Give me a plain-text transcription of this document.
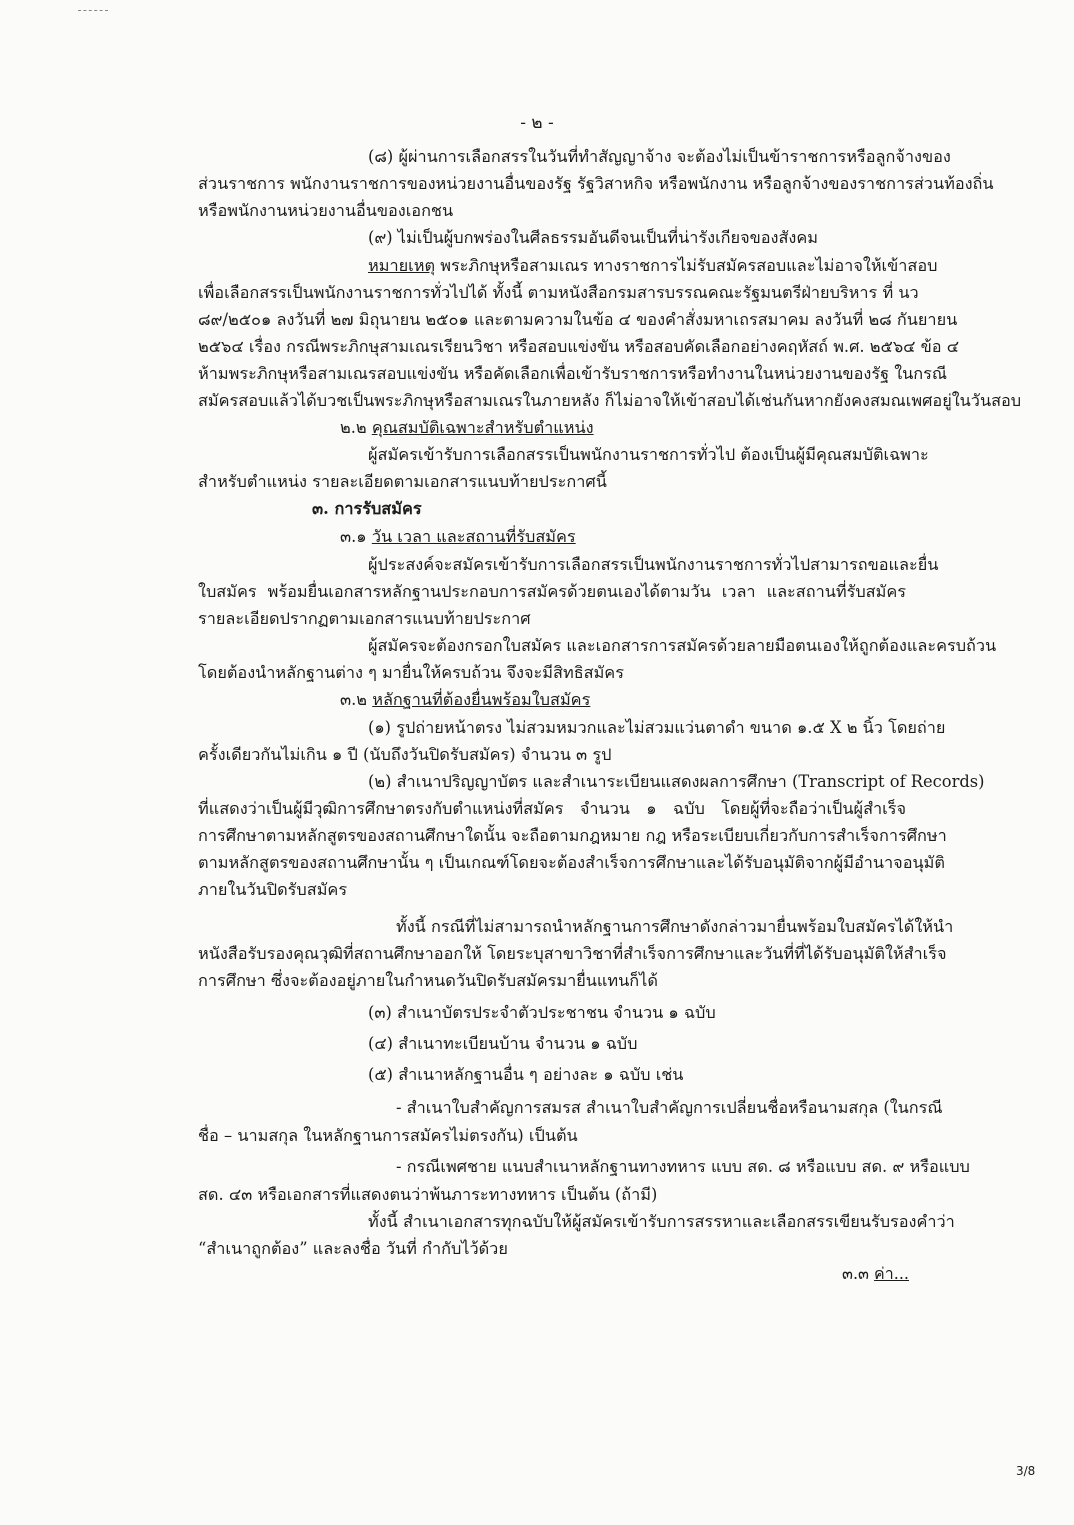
- ๒ -
(๘) ผู้ผ่านการเลือกสรรในวันที่ทำสัญญาจ้าง จะต้องไม่เป็นข้าราชการหรือลูกจ้างของ
ส่วนราชการ พนักงานราชการของหน่วยงานอื่นของรัฐ รัฐวิสาหกิจ หรือพนักงาน หรือลูกจ้างของราชการส่วนท้องถิ่น
หรือพนักงานหน่วยงานอื่นของเอกชน
(๙) ไม่เป็นผู้บกพร่องในศีลธรรมอันดีจนเป็นที่น่ารังเกียจของสังคม
หมายเหตุ พระภิกษุหรือสามเณร ทางราชการไม่รับสมัครสอบและไม่อาจให้เข้าสอบ
เพื่อเลือกสรรเป็นพนักงานราชการทั่วไปได้ ทั้งนี้ ตามหนังสือกรมสารบรรณคณะรัฐมนตรีฝ่ายบริหาร ที่ นว
๘๙/๒๕๐๑ ลงวันที่ ๒๗ มิถุนายน ๒๕๐๑ และตามความในข้อ ๔ ของคำสั่งมหาเถรสมาคม ลงวันที่ ๒๘ กันยายน
๒๕๖๔ เรื่อง กรณีพระภิกษุสามเณรเรียนวิชา หรือสอบแข่งขัน หรือสอบคัดเลือกอย่างคฤหัสถ์ พ.ศ. ๒๕๖๔ ข้อ ๔
ห้ามพระภิกษุหรือสามเณรสอบแข่งขัน หรือคัดเลือกเพื่อเข้ารับราชการหรือทำงานในหน่วยงานของรัฐ ในกรณี
สมัครสอบแล้วได้บวชเป็นพระภิกษุหรือสามเณรในภายหลัง ก็ไม่อาจให้เข้าสอบได้เช่นกันหากยังคงสมณเพศอยู่ในวันสอบ
๒.๒ คุณสมบัติเฉพาะสำหรับตำแหน่ง
ผู้สมัครเข้ารับการเลือกสรรเป็นพนักงานราชการทั่วไป ต้องเป็นผู้มีคุณสมบัติเฉพาะ
สำหรับตำแหน่ง รายละเอียดตามเอกสารแนบท้ายประกาศนี้
๓. การรับสมัคร
๓.๑ วัน เวลา และสถานที่รับสมัคร
ผู้ประสงค์จะสมัครเข้ารับการเลือกสรรเป็นพนักงานราชการทั่วไปสามารถขอและยื่น
ใบสมัคร พร้อมยื่นเอกสารหลักฐานประกอบการสมัครด้วยตนเองได้ตามวัน เวลา และสถานที่รับสมัคร
รายละเอียดปรากฏตามเอกสารแนบท้ายประกาศ
ผู้สมัครจะต้องกรอกใบสมัคร และเอกสารการสมัครด้วยลายมือตนเองให้ถูกต้องและครบถ้วน
โดยต้องนำหลักฐานต่าง ๆ มายื่นให้ครบถ้วน จึงจะมีสิทธิสมัคร
๓.๒ หลักฐานที่ต้องยื่นพร้อมใบสมัคร
(๑) รูปถ่ายหน้าตรง ไม่สวมหมวกและไม่สวมแว่นตาดำ ขนาด ๑.๕ X ๒ นิ้ว โดยถ่าย
ครั้งเดียวกันไม่เกิน ๑ ปี (นับถึงวันปิดรับสมัคร) จำนวน ๓ รูป
(๒) สำเนาปริญญาบัตร และสำเนาระเบียนแสดงผลการศึกษา (Transcript of Records)
ที่แสดงว่าเป็นผู้มีวุฒิการศึกษาตรงกับตำแหน่งที่สมัคร จำนวน ๑ ฉบับ โดยผู้ที่จะถือว่าเป็นผู้สำเร็จ
การศึกษาตามหลักสูตรของสถานศึกษาใดนั้น จะถือตามกฎหมาย กฎ หรือระเบียบเกี่ยวกับการสำเร็จการศึกษา
ตามหลักสูตรของสถานศึกษานั้น ๆ เป็นเกณฑ์โดยจะต้องสำเร็จการศึกษาและได้รับอนุมัติจากผู้มีอำนาจอนุมัติ
ภายในวันปิดรับสมัคร
ทั้งนี้ กรณีที่ไม่สามารถนำหลักฐานการศึกษาดังกล่าวมายื่นพร้อมใบสมัครได้ให้นำ
หนังสือรับรองคุณวุฒิที่สถานศึกษาออกให้ โดยระบุสาขาวิชาที่สำเร็จการศึกษาและวันที่ที่ได้รับอนุมัติให้สำเร็จ
การศึกษา ซึ่งจะต้องอยู่ภายในกำหนดวันปิดรับสมัครมายื่นแทนก็ได้
(๓) สำเนาบัตรประจำตัวประชาชน จำนวน ๑ ฉบับ
(๔) สำเนาทะเบียนบ้าน จำนวน ๑ ฉบับ
(๕) สำเนาหลักฐานอื่น ๆ อย่างละ ๑ ฉบับ เช่น
- สำเนาใบสำคัญการสมรส สำเนาใบสำคัญการเปลี่ยนชื่อหรือนามสกุล (ในกรณี
ชื่อ – นามสกุล ในหลักฐานการสมัครไม่ตรงกัน) เป็นต้น
- กรณีเพศชาย แนบสำเนาหลักฐานทางทหาร แบบ สด. ๘ หรือแบบ สด. ๙ หรือแบบ
สด. ๔๓ หรือเอกสารที่แสดงตนว่าพ้นภาระทางทหาร เป็นต้น (ถ้ามี)
ทั้งนี้ สำเนาเอกสารทุกฉบับให้ผู้สมัครเข้ารับการสรรหาและเลือกสรรเขียนรับรองคำว่า
“สำเนาถูกต้อง” และลงชื่อ วันที่ กำกับไว้ด้วย
๓.๓ ค่า...
3/8
